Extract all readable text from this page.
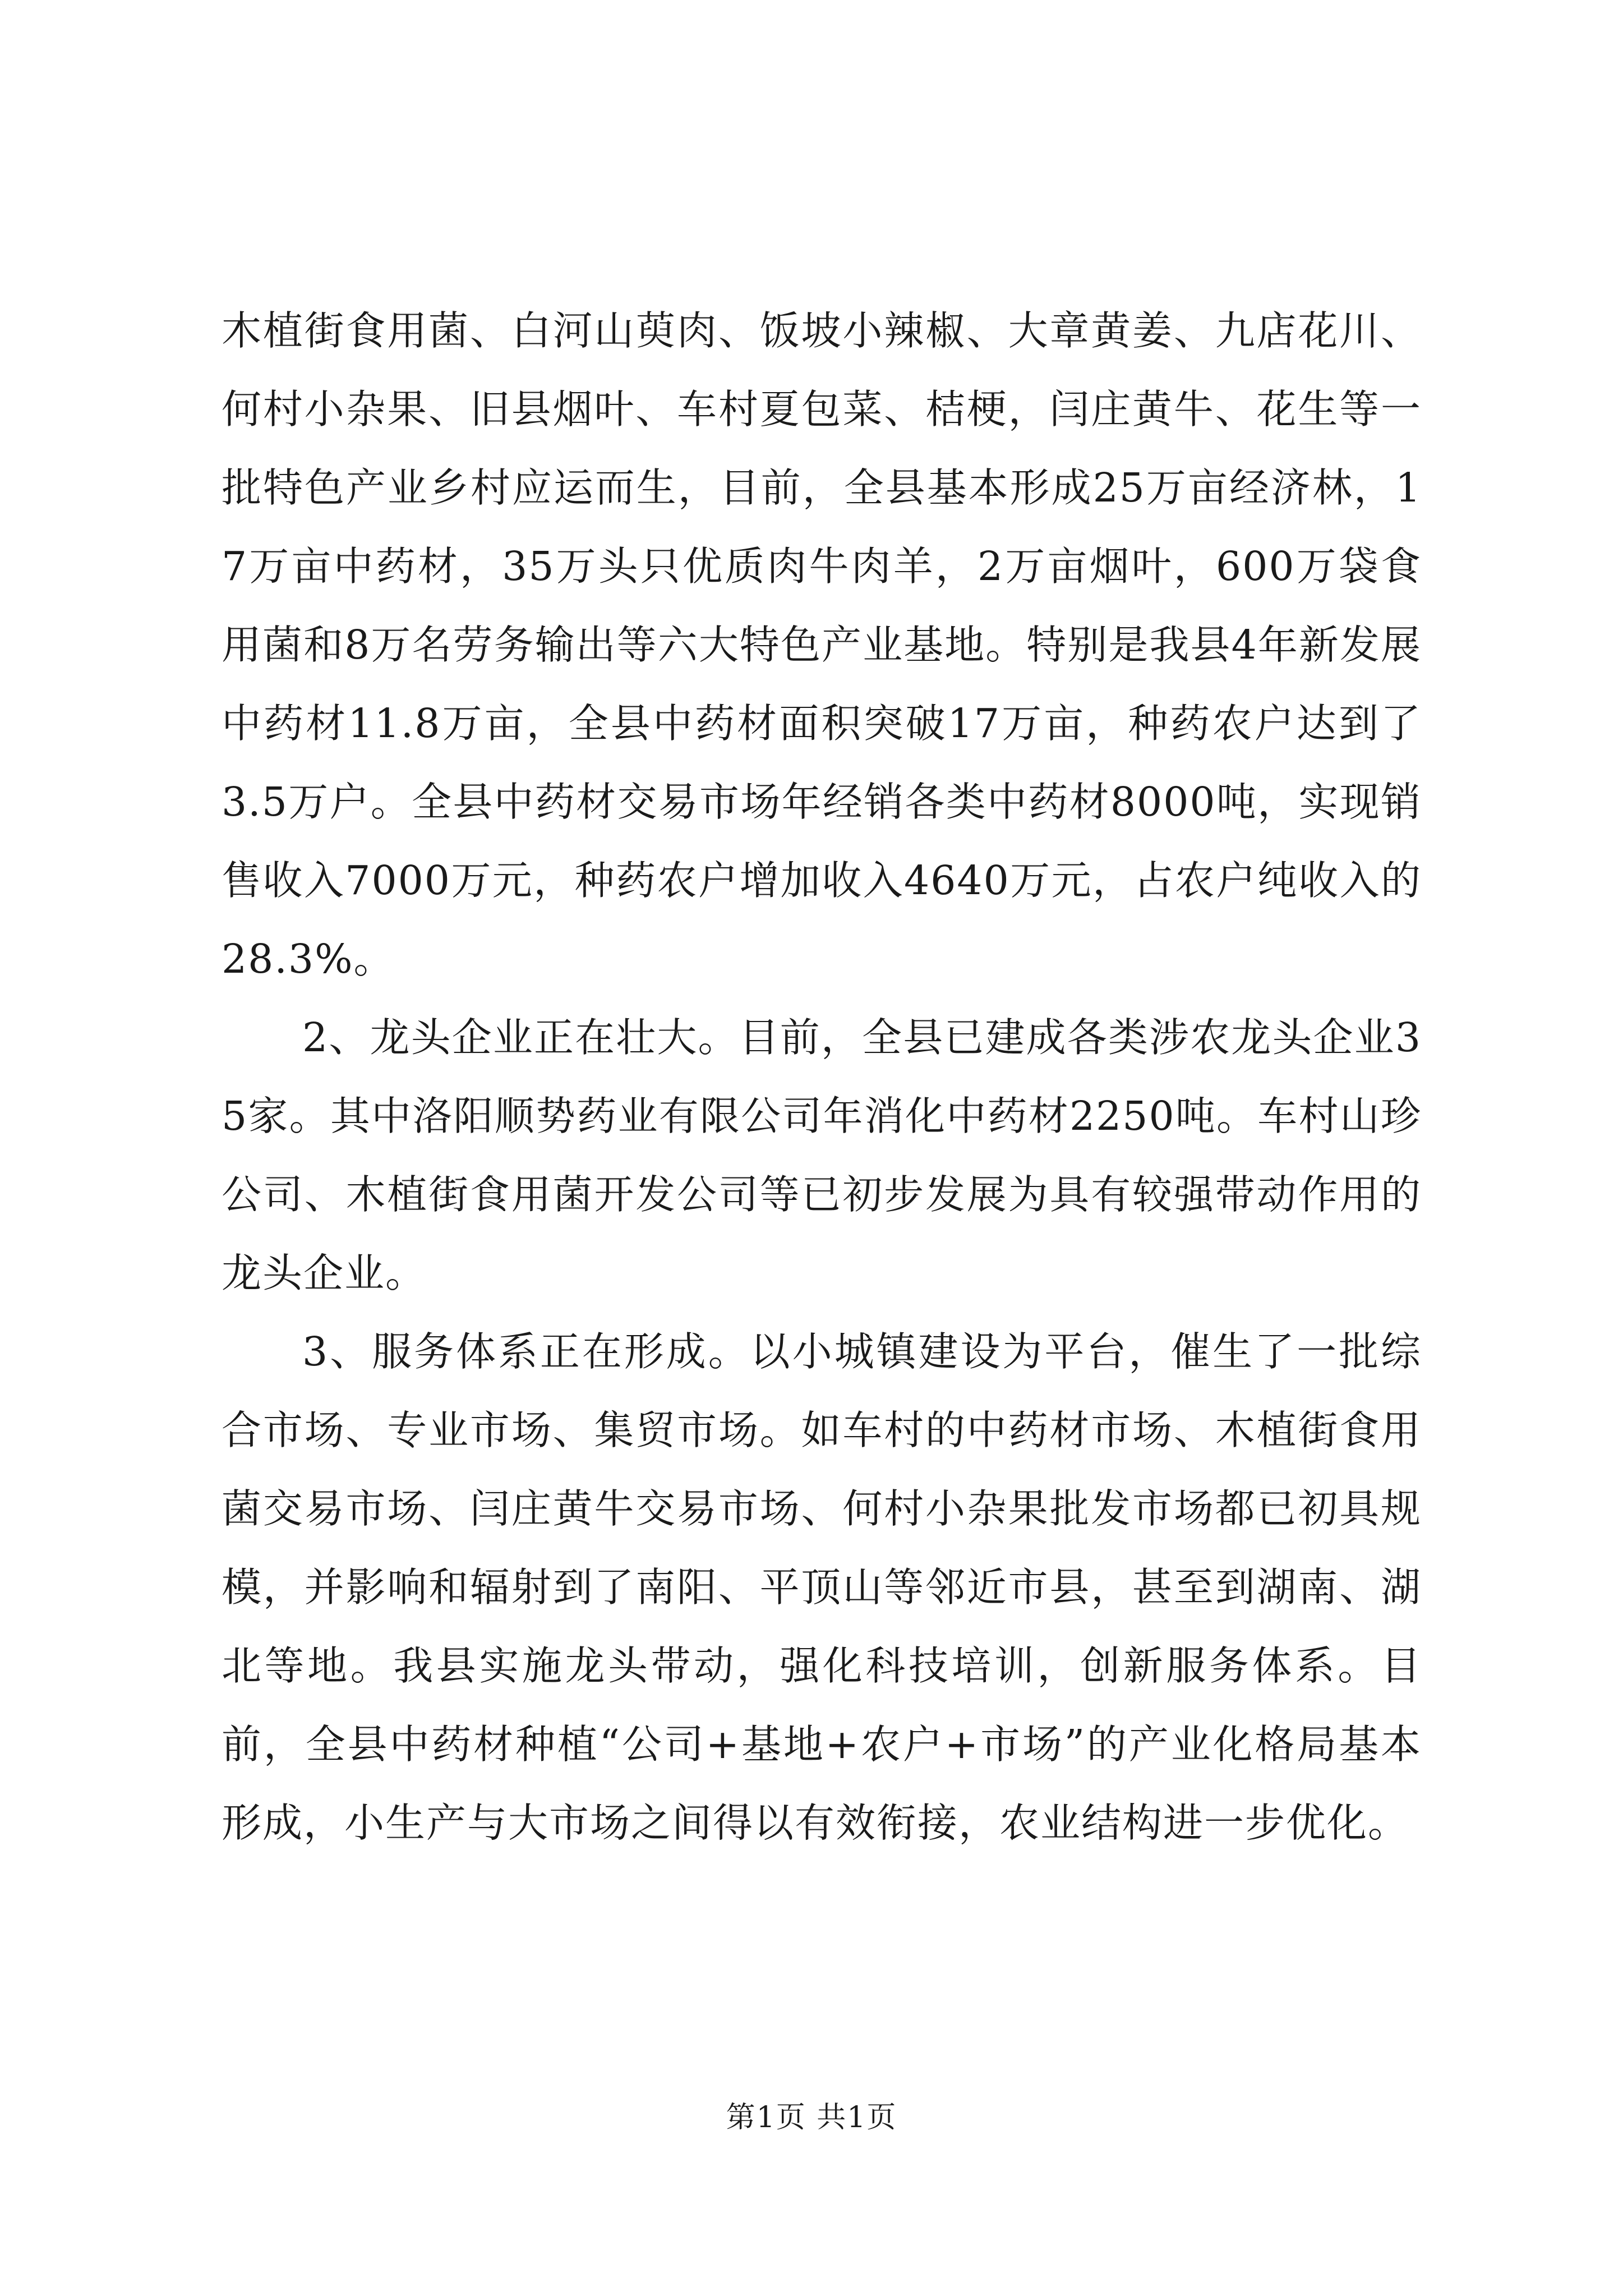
木植街食用菌、白河山萸肉、饭坡小辣椒、大章黄姜、九店花川、何村小杂果、旧县烟叶、车村夏包菜、桔梗，闫庄黄牛、花生等一批特色产业乡村应运而生，目前，全县基本形成25万亩经济林，17万亩中药材，35万头只优质肉牛肉羊，2万亩烟叶，600万袋食用菌和8万名劳务输出等六大特色产业基地。特别是我县4年新发展中药材11.8万亩，全县中药材面积突破17万亩，种药农户达到了3.5万户。全县中药材交易市场年经销各类中药材8000吨，实现销售收入7000万元，种药农户增加收入4640万元，占农户纯收入的28.3%。

2、龙头企业正在壮大。目前，全县已建成各类涉农龙头企业35家。其中洛阳顺势药业有限公司年消化中药材2250吨。车村山珍公司、木植街食用菌开发公司等已初步发展为具有较强带动作用的龙头企业。

3、服务体系正在形成。以小城镇建设为平台，催生了一批综合市场、专业市场、集贸市场。如车村的中药材市场、木植街食用菌交易市场、闫庄黄牛交易市场、何村小杂果批发市场都已初具规模，并影响和辐射到了南阳、平顶山等邻近市县，甚至到湖南、湖北等地。我县实施龙头带动，强化科技培训，创新服务体系。目前，全县中药材种植“公司+基地+农户+市场”的产业化格局基本形成，小生产与大市场之间得以有效衔接，农业结构进一步优化。

第1页 共1页
